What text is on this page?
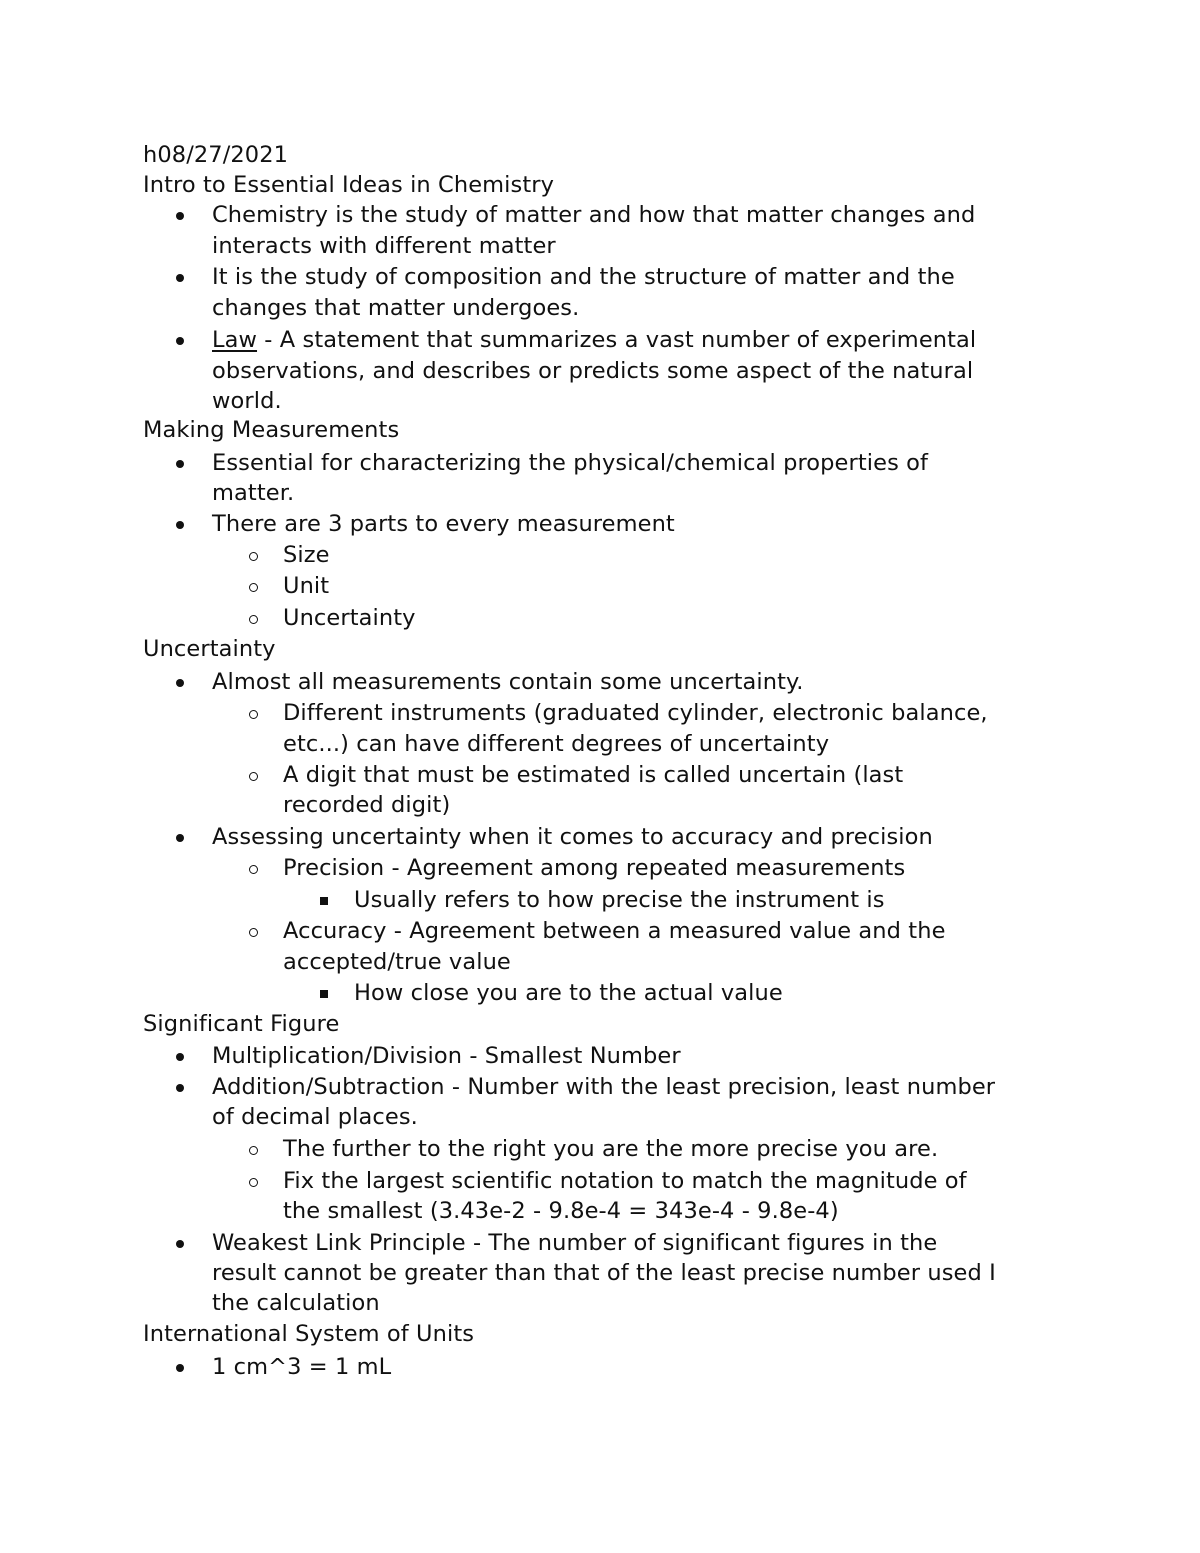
h08/27/2021
Intro to Essential Ideas in Chemistry
Chemistry is the study of matter and how that matter changes and
interacts with different matter
It is the study of composition and the structure of matter and the
changes that matter undergoes.
Law - A statement that summarizes a vast number of experimental
observations, and describes or predicts some aspect of the natural
world.
Making Measurements
Essential for characterizing the physical/chemical properties of
matter.
There are 3 parts to every measurement
Size
Unit
Uncertainty
Uncertainty
Almost all measurements contain some uncertainty.
Different instruments (graduated cylinder, electronic balance,
etc...) can have different degrees of uncertainty
A digit that must be estimated is called uncertain (last
recorded digit)
Assessing uncertainty when it comes to accuracy and precision
Precision - Agreement among repeated measurements
Usually refers to how precise the instrument is
Accuracy - Agreement between a measured value and the
accepted/true value
How close you are to the actual value
Significant Figure
Multiplication/Division - Smallest Number
Addition/Subtraction - Number with the least precision, least number
of decimal places.
The further to the right you are the more precise you are.
Fix the largest scientific notation to match the magnitude of
the smallest (3.43e-2 - 9.8e-4 = 343e-4 - 9.8e-4)
Weakest Link Principle - The number of significant figures in the
result cannot be greater than that of the least precise number used I
the calculation
International System of Units
1 cm^3 = 1 mL
